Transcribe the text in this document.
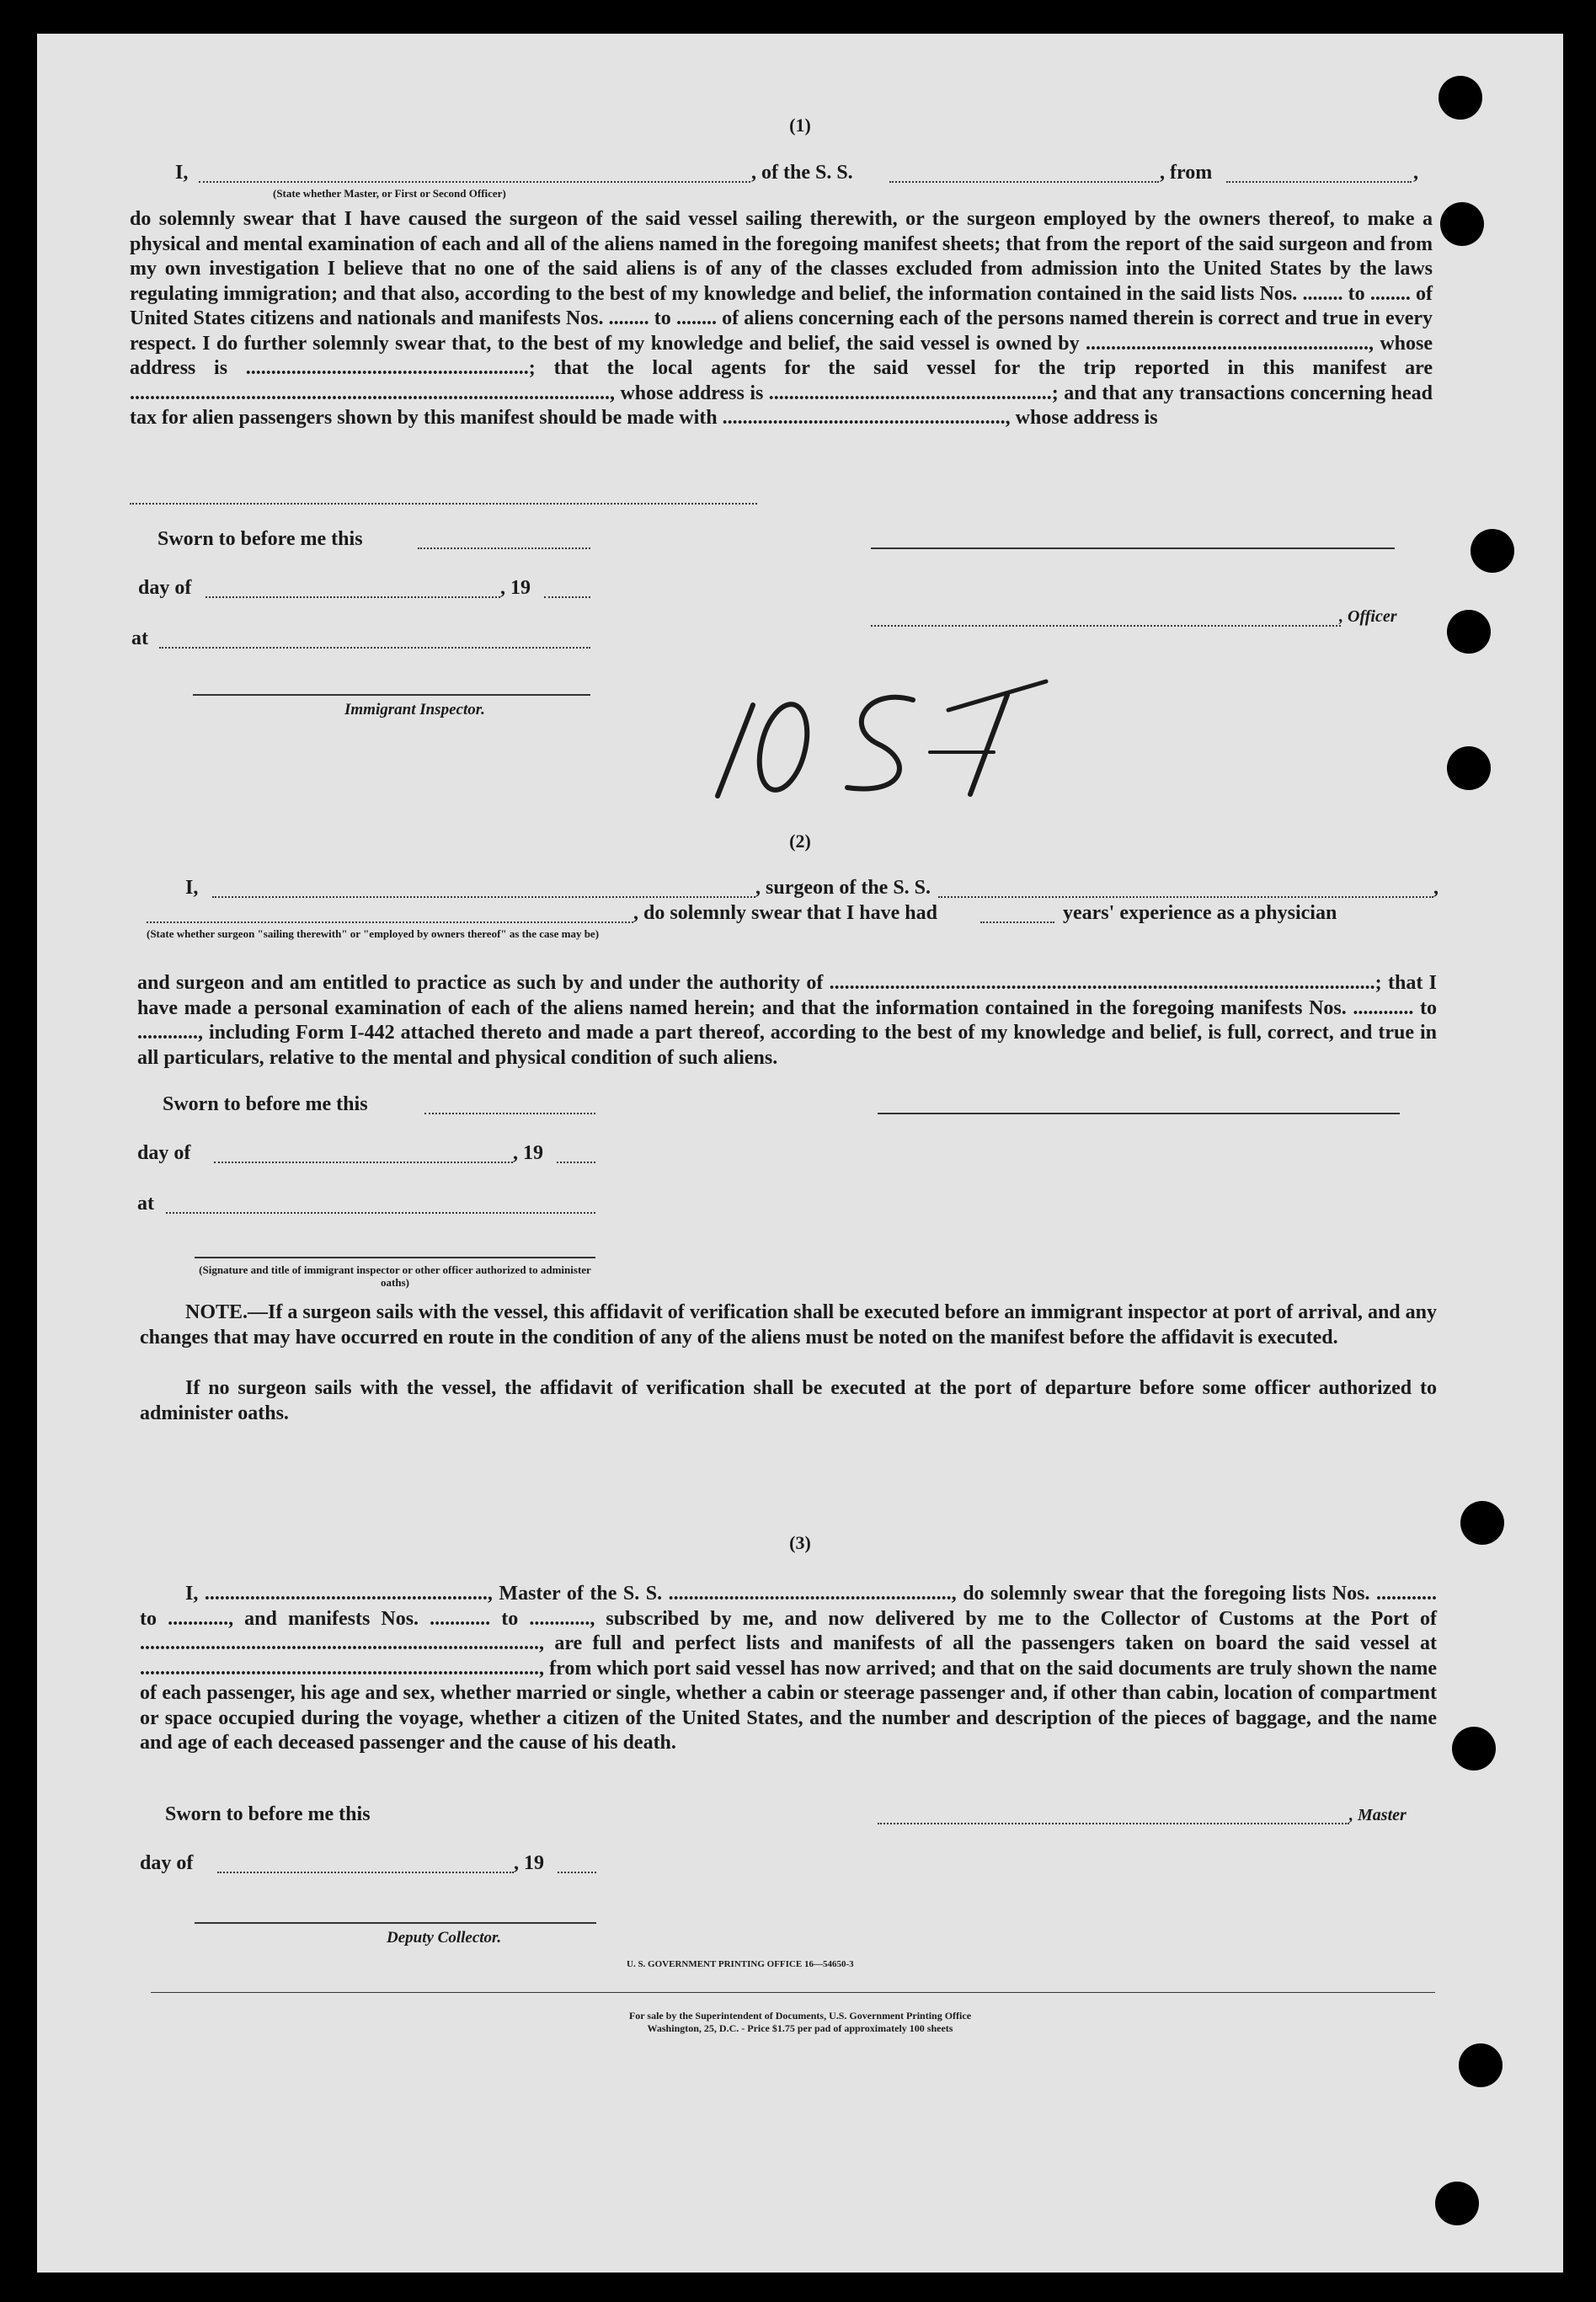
(1)
I,	, of the S. S.	, from	,
(State whether Master, or First or Second Officer)

do solemnly swear that I have caused the surgeon of the said vessel sailing therewith, or the surgeon employed by the owners thereof, to make a physical and mental examination of each and all of the aliens named in the foregoing manifest sheets; that from the report of the said surgeon and from my own investigation I believe that no one of the said aliens is of any of the classes excluded from admission into the United States by the laws regulating immigration; and that also, according to the best of my knowledge and belief, the information contained in the said lists Nos. ........ to ........ of United States citizens and nationals and manifests Nos. ........ to ........ of aliens concerning each of the persons named therein is correct and true in every respect. I do further solemnly swear that, to the best of my knowledge and belief, the said vessel is owned by ........................................................, whose address is ........................................................; that the local agents for the said vessel for the trip reported in this manifest are ..............................................................................................., whose address is ........................................................; and that any transactions concerning head tax for alien passengers shown by this manifest should be made with ........................................................, whose address is

Sworn to before me this
day of	, 19
, Officer
at
Immigrant Inspector.
(2)
I,	, surgeon of the S. S.	,
, do solemnly swear that I have had	years' experience as a physician
(State whether surgeon "sailing therewith" or "employed by owners thereof" as the case may be)

and surgeon and am entitled to practice as such by and under the authority of ............................................................................................................; that I have made a personal examination of each of the aliens named herein; and that the information contained in the foregoing manifests Nos. ............ to ............, including Form I-442 attached thereto and made a part thereof, according to the best of my knowledge and belief, is full, correct, and true in all particulars, relative to the mental and physical condition of such aliens.

Sworn to before me this
day of	, 19
at
(Signature and title of immigrant inspector or other officer authorized to administer oaths)

NOTE.—If a surgeon sails with the vessel, this affidavit of verification shall be executed before an immigrant inspector at port of arrival, and any changes that may have occurred en route in the condition of any of the aliens must be noted on the manifest before the affidavit is executed.

If no surgeon sails with the vessel, the affidavit of verification shall be executed at the port of departure before some officer authorized to administer oaths.

(3)

I, ........................................................, Master of the S. S. ........................................................, do solemnly swear that the foregoing lists Nos. ............ to ............, and manifests Nos. ............ to ............, subscribed by me, and now delivered by me to the Collector of Customs at the Port of ..............................................................................., are full and perfect lists and manifests of all the passengers taken on board the said vessel at ..............................................................................., from which port said vessel has now arrived; and that on the said documents are truly shown the name of each passenger, his age and sex, whether married or single, whether a cabin or steerage passenger and, if other than cabin, location of compartment or space occupied during the voyage, whether a citizen of the United States, and the number and description of the pieces of baggage, and the name and age of each deceased passenger and the cause of his death.

Sworn to before me this	, Master
day of	, 19
Deputy Collector.
U. S. GOVERNMENT PRINTING OFFICE 16—54650-3
For sale by the Superintendent of Documents, U.S. Government Printing Office
Washington, 25, D.C. - Price $1.75 per pad of approximately 100 sheets
